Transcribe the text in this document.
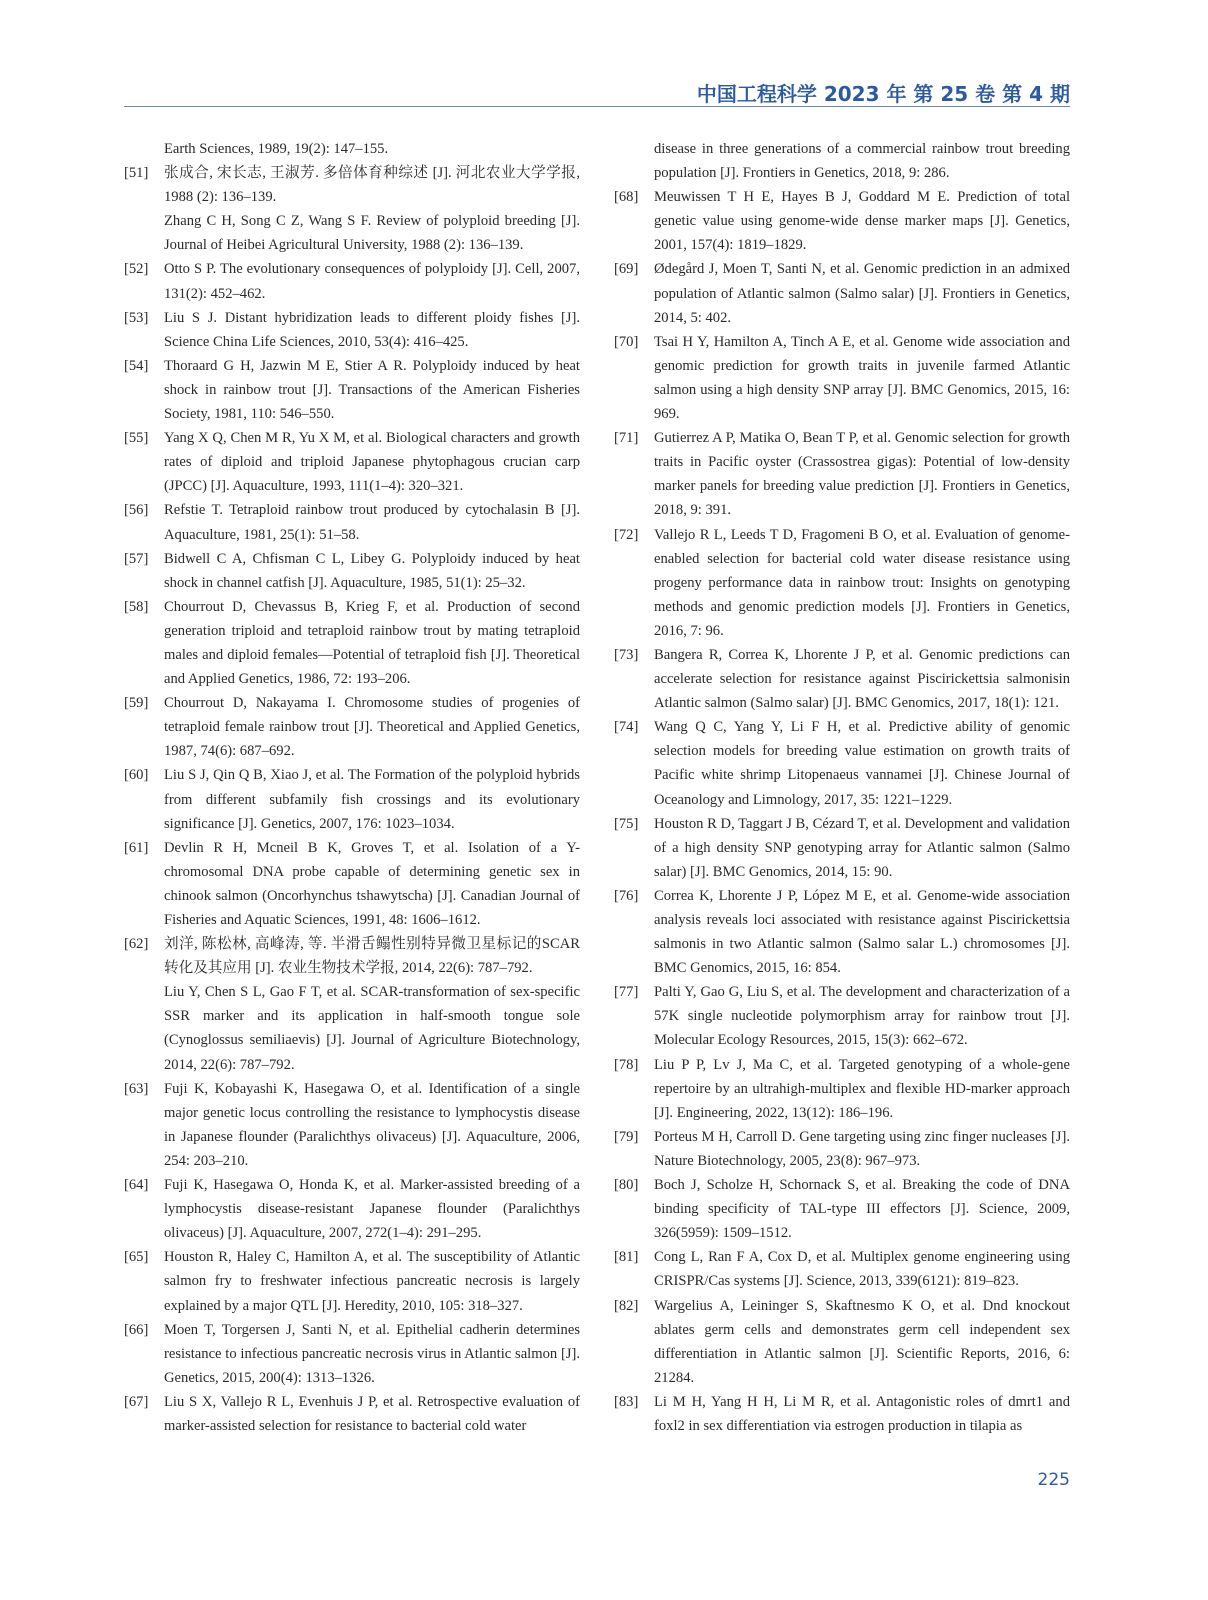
中国工程科学 2023 年 第 25 卷 第 4 期
Earth Sciences, 1989, 19(2): 147–155.
[51] 张成合, 宋长志, 王淑芳. 多倍体育种综述 [J]. 河北农业大学学报, 1988 (2): 136–139.
Zhang C H, Song C Z, Wang S F. Review of polyploid breeding [J]. Journal of Heibei Agricultural University, 1988 (2): 136–139.
[52] Otto S P. The evolutionary consequences of polyploidy [J]. Cell, 2007, 131(2): 452–462.
[53] Liu S J. Distant hybridization leads to different ploidy fishes [J]. Science China Life Sciences, 2010, 53(4): 416–425.
[54] Thoraard G H, Jazwin M E, Stier A R. Polyploidy induced by heat shock in rainbow trout [J]. Transactions of the American Fisheries Society, 1981, 110: 546–550.
[55] Yang X Q, Chen M R, Yu X M, et al. Biological characters and growth rates of diploid and triploid Japanese phytophagous crucian carp (JPCC) [J]. Aquaculture, 1993, 111(1–4): 320–321.
[56] Refstie T. Tetraploid rainbow trout produced by cytochalasin B [J]. Aquaculture, 1981, 25(1): 51–58.
[57] Bidwell C A, Chfisman C L, Libey G. Polyploidy induced by heat shock in channel catfish [J]. Aquaculture, 1985, 51(1): 25–32.
[58] Chourrout D, Chevassus B, Krieg F, et al. Production of second generation triploid and tetraploid rainbow trout by mating tetraploid males and diploid females—Potential of tetraploid fish [J]. Theoretical and Applied Genetics, 1986, 72: 193–206.
[59] Chourrout D, Nakayama I. Chromosome studies of progenies of tetraploid female rainbow trout [J]. Theoretical and Applied Genetics, 1987, 74(6): 687–692.
[60] Liu S J, Qin Q B, Xiao J, et al. The Formation of the polyploid hybrids from different subfamily fish crossings and its evolutionary significance [J]. Genetics, 2007, 176: 1023–1034.
[61] Devlin R H, Mcneil B K, Groves T, et al. Isolation of a Y-chromosomal DNA probe capable of determining genetic sex in chinook salmon (Oncorhynchus tshawytscha) [J]. Canadian Journal of Fisheries and Aquatic Sciences, 1991, 48: 1606–1612.
[62] 刘洋, 陈松林, 高峰涛, 等. 半滑舌鳎性别特异微卫星标记的SCAR转化及其应用 [J]. 农业生物技术学报, 2014, 22(6): 787–792.
Liu Y, Chen S L, Gao F T, et al. SCAR-transformation of sex-specific SSR marker and its application in half-smooth tongue sole (Cynoglossus semiliaevis) [J]. Journal of Agriculture Biotechnology, 2014, 22(6): 787–792.
[63] Fuji K, Kobayashi K, Hasegawa O, et al. Identification of a single major genetic locus controlling the resistance to lymphocystis disease in Japanese flounder (Paralichthys olivaceus) [J]. Aquaculture, 2006, 254: 203–210.
[64] Fuji K, Hasegawa O, Honda K, et al. Marker-assisted breeding of a lymphocystis disease-resistant Japanese flounder (Paralichthys olivaceus) [J]. Aquaculture, 2007, 272(1–4): 291–295.
[65] Houston R, Haley C, Hamilton A, et al. The susceptibility of Atlantic salmon fry to freshwater infectious pancreatic necrosis is largely explained by a major QTL [J]. Heredity, 2010, 105: 318–327.
[66] Moen T, Torgersen J, Santi N, et al. Epithelial cadherin determines resistance to infectious pancreatic necrosis virus in Atlantic salmon [J]. Genetics, 2015, 200(4): 1313–1326.
[67] Liu S X, Vallejo R L, Evenhuis J P, et al. Retrospective evaluation of marker-assisted selection for resistance to bacterial cold water
disease in three generations of a commercial rainbow trout breeding population [J]. Frontiers in Genetics, 2018, 9: 286.
[68] Meuwissen T H E, Hayes B J, Goddard M E. Prediction of total genetic value using genome-wide dense marker maps [J]. Genetics, 2001, 157(4): 1819–1829.
[69] Ødegård J, Moen T, Santi N, et al. Genomic prediction in an admixed population of Atlantic salmon (Salmo salar) [J]. Frontiers in Genetics, 2014, 5: 402.
[70] Tsai H Y, Hamilton A, Tinch A E, et al. Genome wide association and genomic prediction for growth traits in juvenile farmed Atlantic salmon using a high density SNP array [J]. BMC Genomics, 2015, 16: 969.
[71] Gutierrez A P, Matika O, Bean T P, et al. Genomic selection for growth traits in Pacific oyster (Crassostrea gigas): Potential of low-density marker panels for breeding value prediction [J]. Frontiers in Genetics, 2018, 9: 391.
[72] Vallejo R L, Leeds T D, Fragomeni B O, et al. Evaluation of genome-enabled selection for bacterial cold water disease resistance using progeny performance data in rainbow trout: Insights on genotyping methods and genomic prediction models [J]. Frontiers in Genetics, 2016, 7: 96.
[73] Bangera R, Correa K, Lhorente J P, et al. Genomic predictions can accelerate selection for resistance against Piscirickettsia salmonisin Atlantic salmon (Salmo salar) [J]. BMC Genomics, 2017, 18(1): 121.
[74] Wang Q C, Yang Y, Li F H, et al. Predictive ability of genomic selection models for breeding value estimation on growth traits of Pacific white shrimp Litopenaeus vannamei [J]. Chinese Journal of Oceanology and Limnology, 2017, 35: 1221–1229.
[75] Houston R D, Taggart J B, Cézard T, et al. Development and validation of a high density SNP genotyping array for Atlantic salmon (Salmo salar) [J]. BMC Genomics, 2014, 15: 90.
[76] Correa K, Lhorente J P, López M E, et al. Genome-wide association analysis reveals loci associated with resistance against Piscirickettsia salmonis in two Atlantic salmon (Salmo salar L.) chromosomes [J]. BMC Genomics, 2015, 16: 854.
[77] Palti Y, Gao G, Liu S, et al. The development and characterization of a 57K single nucleotide polymorphism array for rainbow trout [J]. Molecular Ecology Resources, 2015, 15(3): 662–672.
[78] Liu P P, Lv J, Ma C, et al. Targeted genotyping of a whole-gene repertoire by an ultrahigh-multiplex and flexible HD-marker approach [J]. Engineering, 2022, 13(12): 186–196.
[79] Porteus M H, Carroll D. Gene targeting using zinc finger nucleases [J]. Nature Biotechnology, 2005, 23(8): 967–973.
[80] Boch J, Scholze H, Schornack S, et al. Breaking the code of DNA binding specificity of TAL-type III effectors [J]. Science, 2009, 326(5959): 1509–1512.
[81] Cong L, Ran F A, Cox D, et al. Multiplex genome engineering using CRISPR/Cas systems [J]. Science, 2013, 339(6121): 819–823.
[82] Wargelius A, Leininger S, Skaftnesmo K O, et al. Dnd knockout ablates germ cells and demonstrates germ cell independent sex differentiation in Atlantic salmon [J]. Scientific Reports, 2016, 6: 21284.
[83] Li M H, Yang H H, Li M R, et al. Antagonistic roles of dmrt1 and foxl2 in sex differentiation via estrogen production in tilapia as
225
